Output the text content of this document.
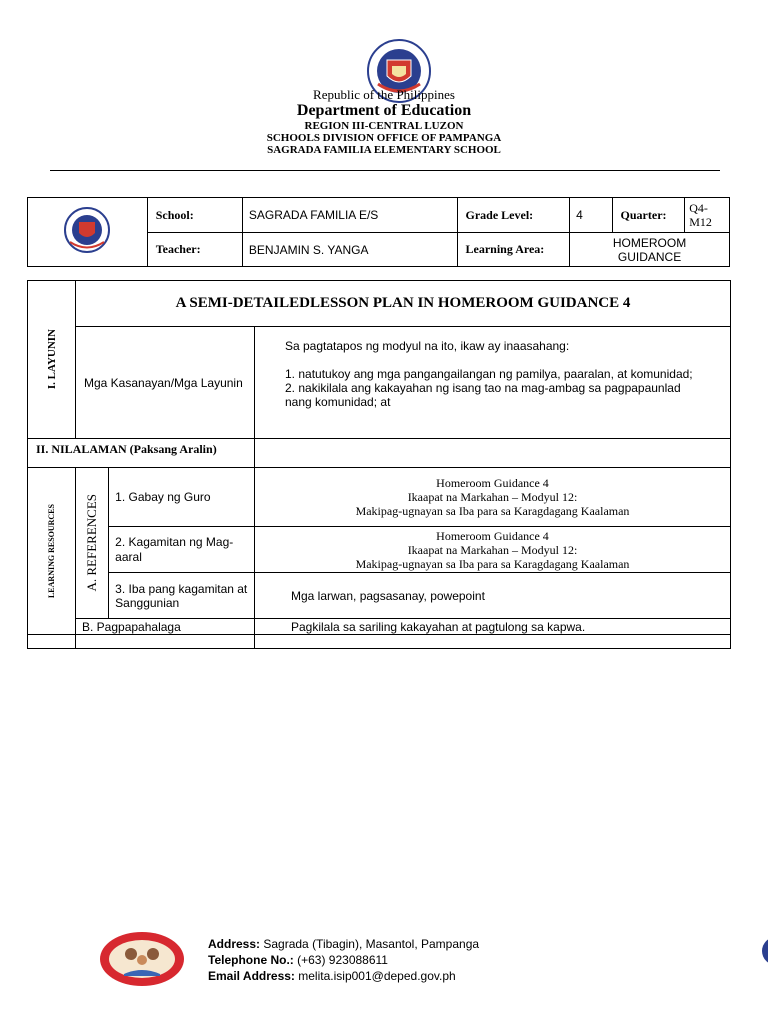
Republic of the Philippines
Department of Education
REGION III-CENTRAL LUZON
SCHOOLS DIVISION OFFICE OF PAMPANGA
SAGRADA FAMILIA ELEMENTARY SCHOOL
	School:	SAGRADA FAMILIA E/S	Grade Level:	4	Quarter:	Q4-M12
	Teacher:	BENJAMIN S. YANGA	Learning Area:	HOMEROOM GUIDANCE		
I. LAYUNIN	A SEMI-DETAILEDLESSON PLAN IN HOMEROOM GUIDANCE 4		
	Mga Kasanayan/Mga Layunin		Sa pagtatapos ng modyul na ito, ikaw ay inaasahang:
1. natutukoy ang mga pangangailangan ng pamilya, paaralan, at komunidad;
2. nakikilala ang kakayahan ng isang tao na mag-ambag sa pagpapaunlad nang komunidad; at

II. NILALAMAN (Paksang Aralin)			

LEARNING RESOURCES	A. REFERENCES	1. Gabay ng Guro	Homeroom Guidance 4
Ikaapat na Markahan – Modyul 12:
Makipag-ugnayan sa Iba para sa Karagdagang Kaalaman

		2. Kagamitan ng Mag-aaral	Homeroom Guidance 4
Ikaapat na Markahan – Modyul 12:
Makipag-ugnayan sa Iba para sa Karagdagang Kaalaman

		3. Iba pang kagamitan at Sanggunian	Mga larwan, pagsasanay, powepoint
	B. Pagpapahalaga		Pagkilala sa sariling kakayahan at pagtulong sa kapwa.

Address: Sagrada (Tibagin), Masantol, Pampanga
Telephone No.: (+63) 923088611
Email Address: melita.isip001@deped.gov.ph
